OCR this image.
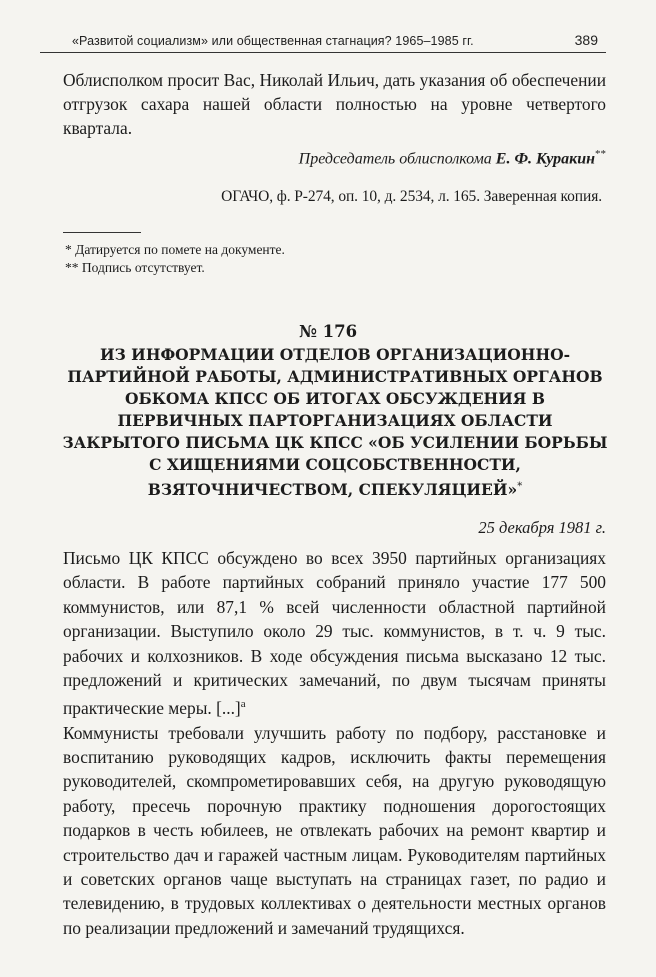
«Развитой социализм» или общественная стагнация? 1965–1985 гг.	389

Облисполком просит Вас, Николай Ильич, дать указания об обеспечении отгрузок сахара нашей области полностью на уровне четвертого квартала.

Председатель облисполкома Е. Ф. Куракин**
ОГАЧО, ф. Р-274, оп. 10, д. 2534, л. 165. Заверенная копия.
* Датируется по помете на документе.
** Подпись отсутствует.
№ 176
ИЗ ИНФОРМАЦИИ ОТДЕЛОВ ОРГАНИЗАЦИОННО-ПАРТИЙНОЙ РАБОТЫ, АДМИНИСТРАТИВНЫХ ОРГАНОВ ОБКОМА КПСС ОБ ИТОГАХ ОБСУЖДЕНИЯ В ПЕРВИЧНЫХ ПАРТОРГАНИЗАЦИЯХ ОБЛАСТИ ЗАКРЫТОГО ПИСЬМА ЦК КПСС «ОБ УСИЛЕНИИ БОРЬБЫ С ХИЩЕНИЯМИ СОЦСОБСТВЕННОСТИ, ВЗЯТОЧНИЧЕСТВОМ, СПЕКУЛЯЦИЕЙ»*
25 декабря 1981 г.

Письмо ЦК КПСС обсуждено во всех 3950 партийных организациях области. В работе партийных собраний приняло участие 177 500 коммунистов, или 87,1 % всей численности областной партийной организации. Выступило около 29 тыс. коммунистов, в т. ч. 9 тыс. рабочих и колхозников. В ходе обсуждения письма высказано 12 тыс. предложений и критических замечаний, по двум тысячам приняты практические меры. [...]$^а$

Коммунисты требовали улучшить работу по подбору, расстановке и воспитанию руководящих кадров, исключить факты перемещения руководителей, скомпрометировавших себя, на другую руководящую работу, пресечь порочную практику подношения дорогостоящих подарков в честь юбилеев, не отвлекать рабочих на ремонт квартир и строительство дач и гаражей частным лицам. Руководителям партийных и советских органов чаще выступать на страницах газет, по радио и телевидению, в трудовых коллективах о деятельности местных органов по реализации предложений и замечаний трудящихся.
